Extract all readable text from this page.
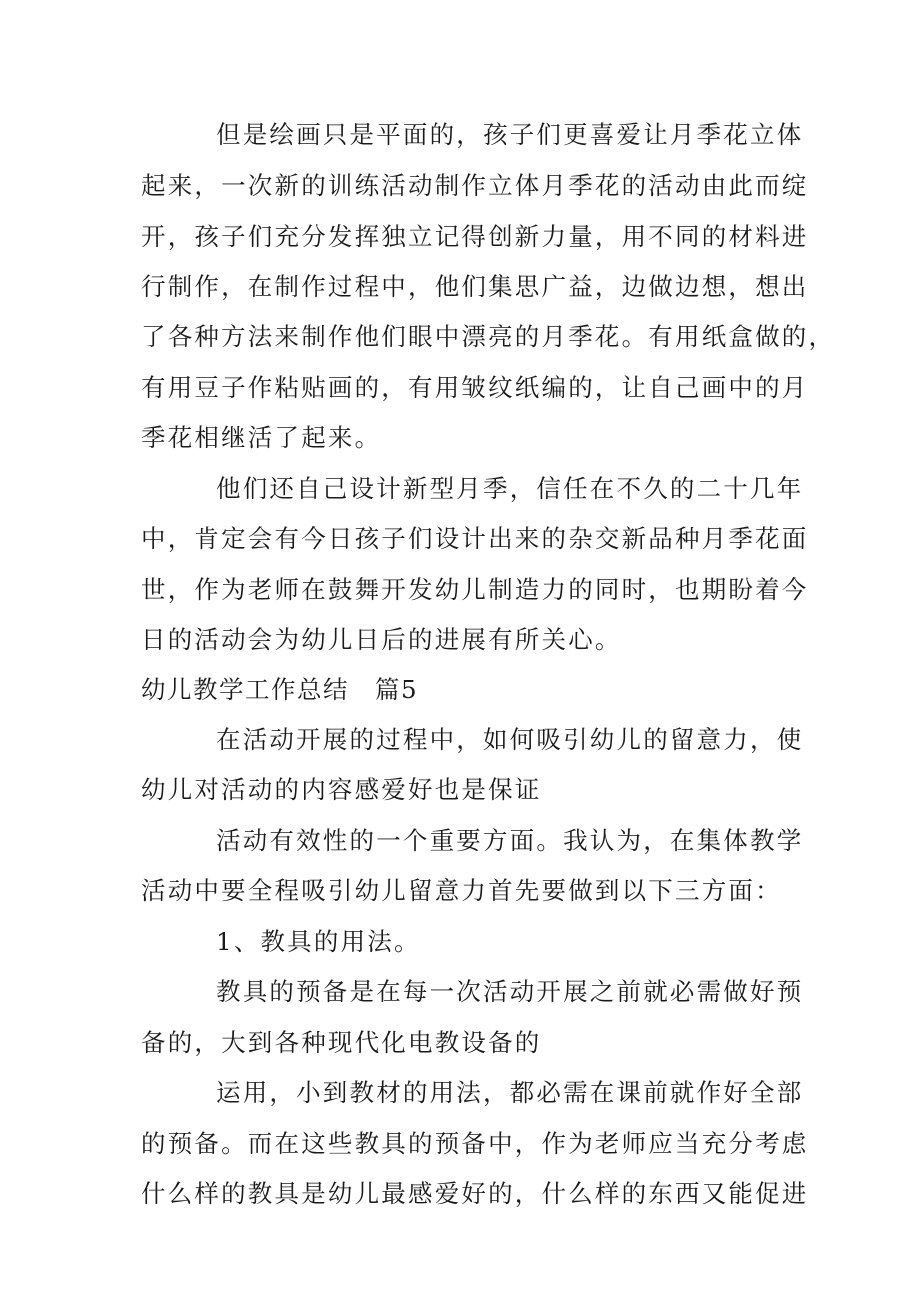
但是绘画只是平面的，孩子们更喜爱让月季花立体
起来，一次新的训练活动制作立体月季花的活动由此而绽
开，孩子们充分发挥独立记得创新力量，用不同的材料进
行制作，在制作过程中，他们集思广益，边做边想，想出
了各种方法来制作他们眼中漂亮的月季花。有用纸盒做的，
有用豆子作粘贴画的，有用皱纹纸编的，让自己画中的月
季花相继活了起来。
他们还自己设计新型月季，信任在不久的二十几年
中，肯定会有今日孩子们设计出来的杂交新品种月季花面
世，作为老师在鼓舞开发幼儿制造力的同时，也期盼着今
日的活动会为幼儿日后的进展有所关心。
幼儿教学工作总结　篇5
在活动开展的过程中，如何吸引幼儿的留意力，使
幼儿对活动的内容感爱好也是保证
活动有效性的一个重要方面。我认为，在集体教学
活动中要全程吸引幼儿留意力首先要做到以下三方面：
1、教具的用法。
教具的预备是在每一次活动开展之前就必需做好预
备的，大到各种现代化电教设备的
运用，小到教材的用法，都必需在课前就作好全部
的预备。而在这些教具的预备中，作为老师应当充分考虑
什么样的教具是幼儿最感爱好的，什么样的东西又能促进
